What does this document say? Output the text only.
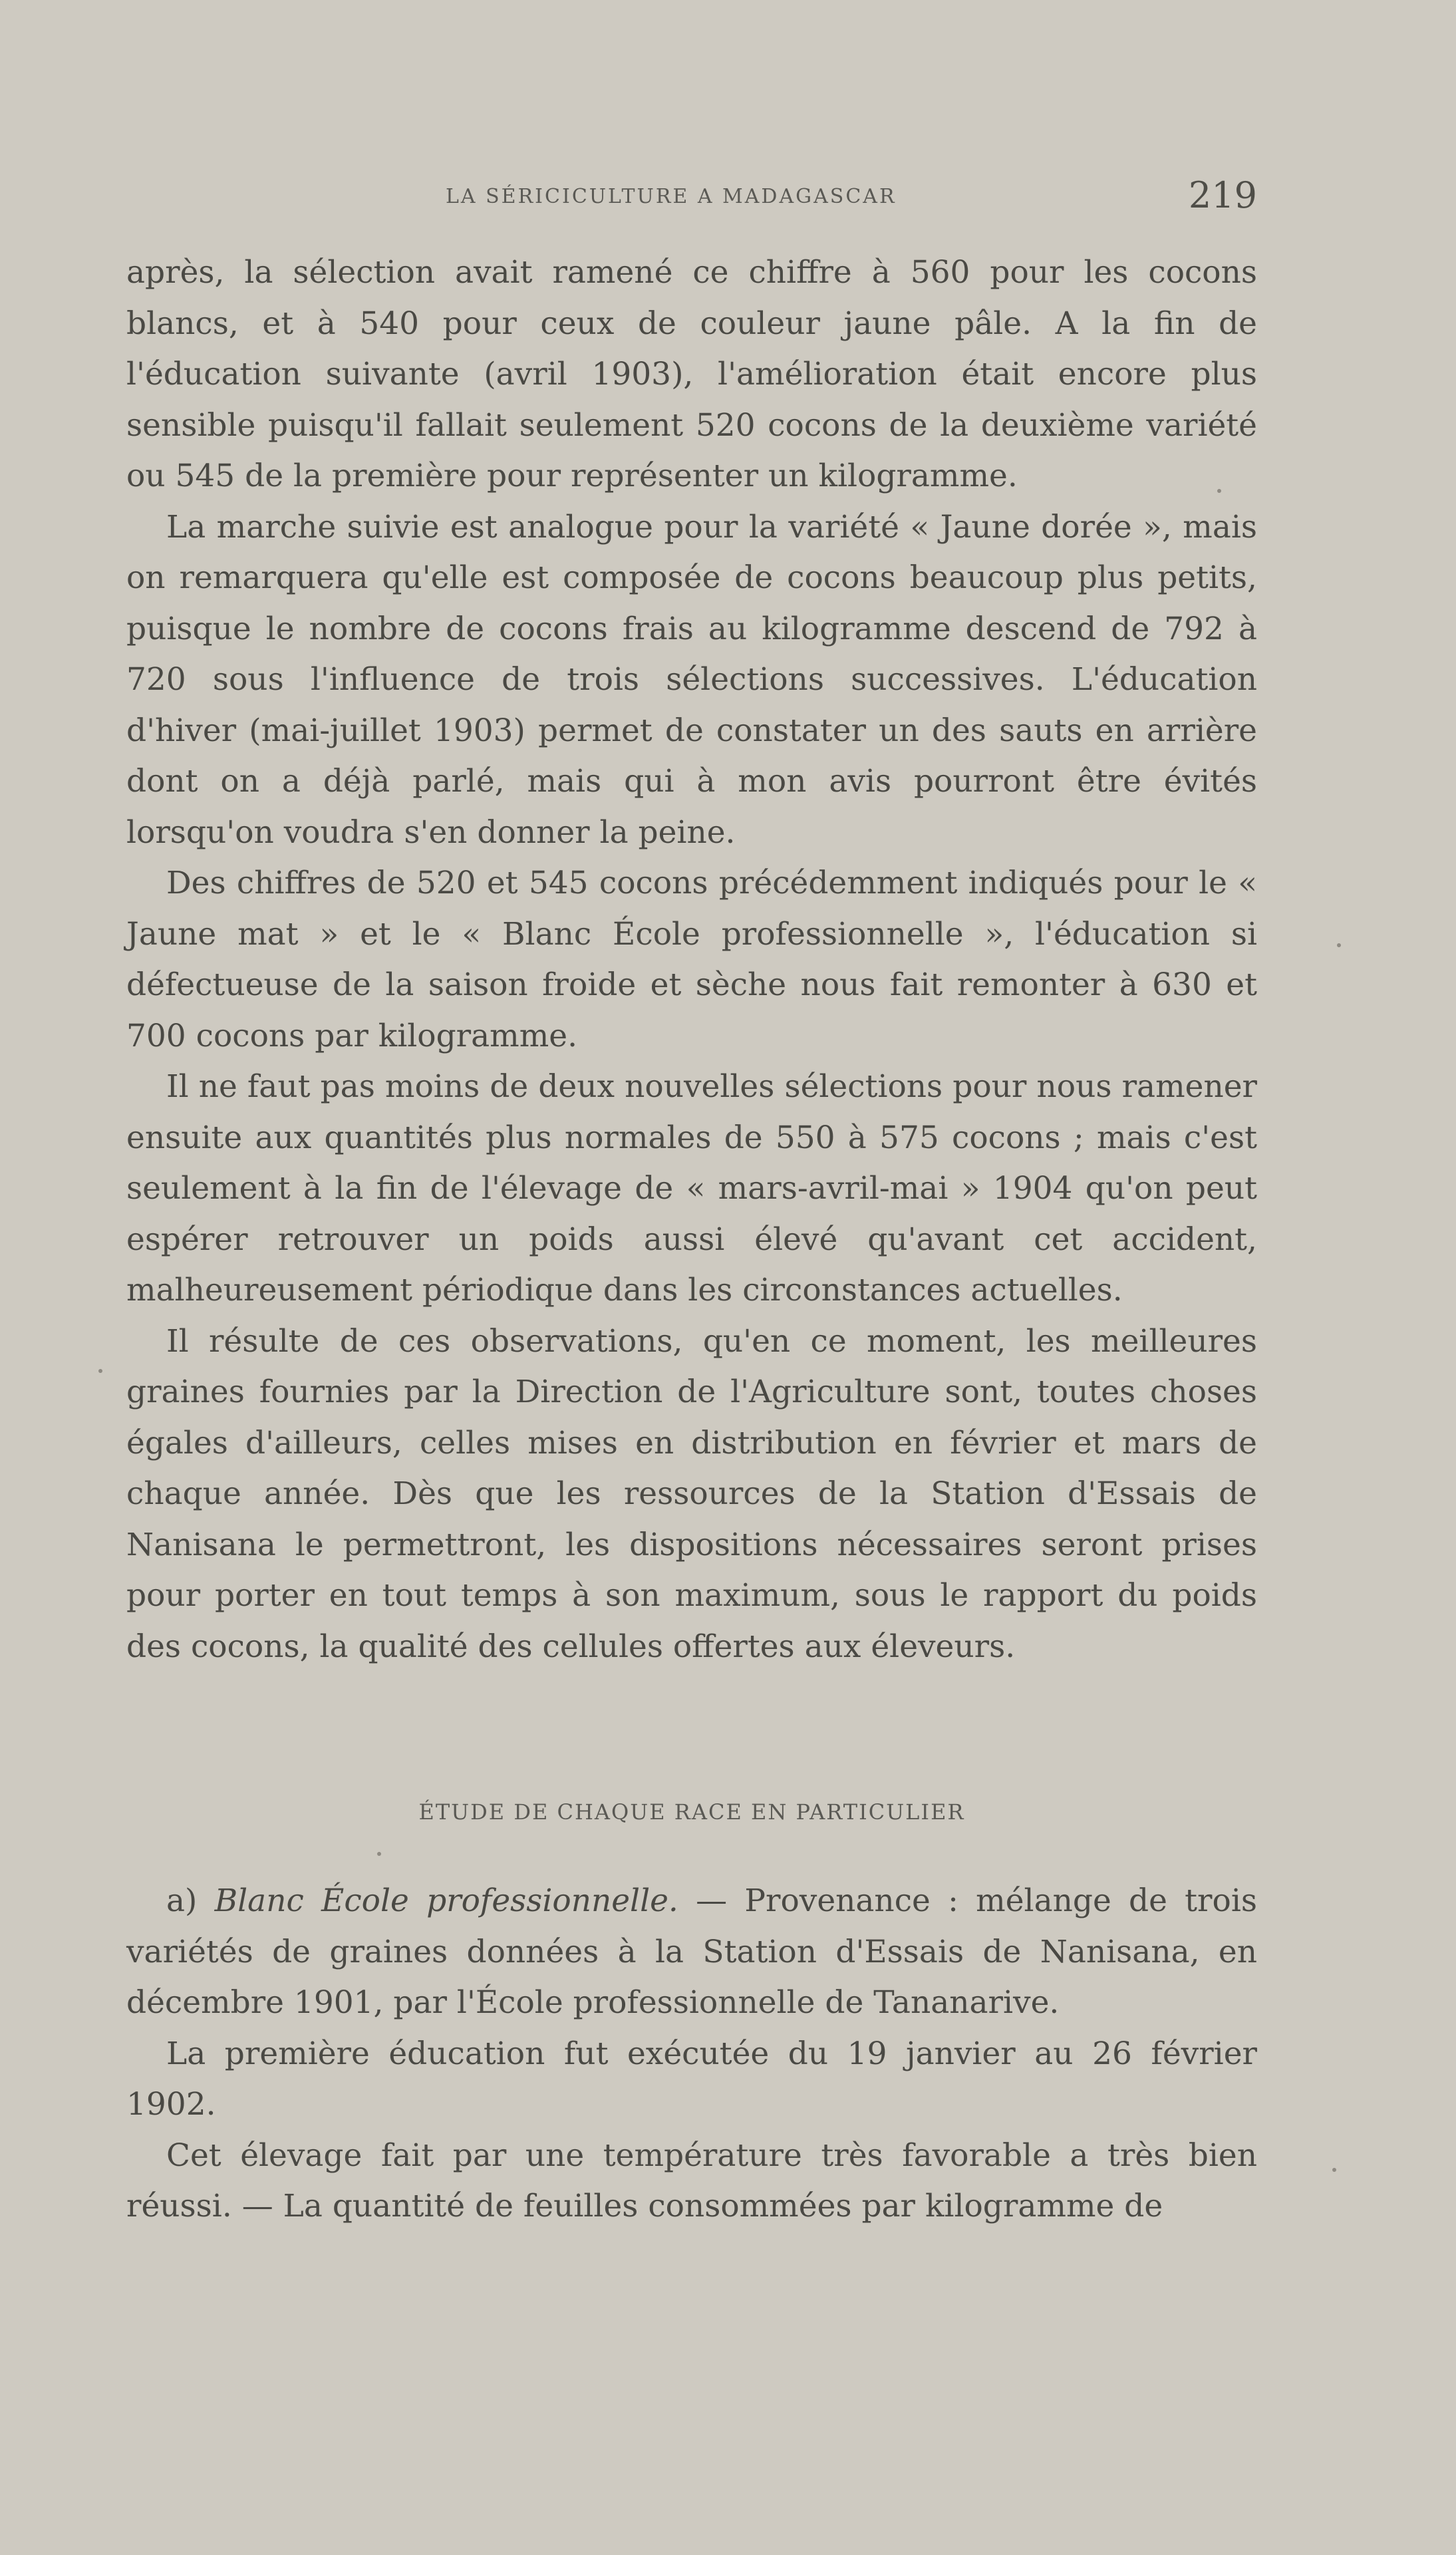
LA SÉRICICULTURE A MADAGASCAR	219

après, la sélection avait ramené ce chiffre à 560 pour les cocons blancs, et à 540 pour ceux de couleur jaune pâle. A la fin de l'éducation suivante (avril 1903), l'amélioration était encore plus sensible puisqu'il fallait seulement 520 cocons de la deuxième variété ou 545 de la première pour représenter un kilogramme.

La marche suivie est analogue pour la variété « Jaune dorée », mais on remarquera qu'elle est composée de cocons beaucoup plus petits, puisque le nombre de cocons frais au kilogramme descend de 792 à 720 sous l'influence de trois sélections successives. L'éducation d'hiver (mai-juillet 1903) permet de constater un des sauts en arrière dont on a déjà parlé, mais qui à mon avis pourront être évités lorsqu'on voudra s'en donner la peine.

Des chiffres de 520 et 545 cocons précédemment indiqués pour le « Jaune mat » et le « Blanc École professionnelle », l'éducation si défectueuse de la saison froide et sèche nous fait remonter à 630 et 700 cocons par kilogramme.

Il ne faut pas moins de deux nouvelles sélections pour nous ramener ensuite aux quantités plus normales de 550 à 575 cocons ; mais c'est seulement à la fin de l'élevage de « mars-avril-mai » 1904 qu'on peut espérer retrouver un poids aussi élevé qu'avant cet accident, malheureusement périodique dans les circonstances actuelles.

Il résulte de ces observations, qu'en ce moment, les meilleures graines fournies par la Direction de l'Agriculture sont, toutes choses égales d'ailleurs, celles mises en distribution en février et mars de chaque année. Dès que les ressources de la Station d'Essais de Nanisana le permettront, les dispositions nécessaires seront prises pour porter en tout temps à son maximum, sous le rapport du poids des cocons, la qualité des cellules offertes aux éleveurs.

ÉTUDE DE CHAQUE RACE EN PARTICULIER

a) Blanc École professionnelle. — Provenance : mélange de trois variétés de graines données à la Station d'Essais de Nanisana, en décembre 1901, par l'École professionnelle de Tananarive.

La première éducation fut exécutée du 19 janvier au 26 février 1902.

Cet élevage fait par une température très favorable a très bien réussi. — La quantité de feuilles consommées par kilogramme de
